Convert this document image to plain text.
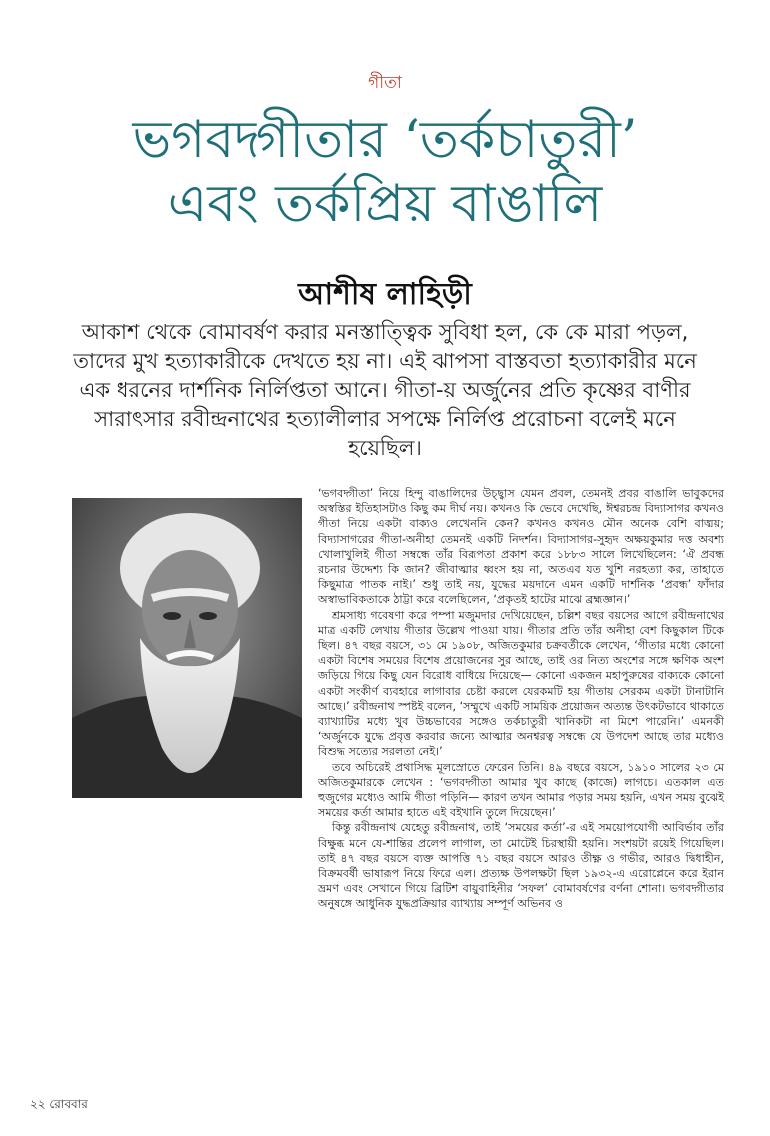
গীতা
ভগবদ্গীতার ‘তর্কচাতুরী’
এবং তর্কপ্রিয় বাঙালি
আশীষ লাহিড়ী

আকাশ থেকে বোমাবর্ষণ করার মনস্তাত্ত্বিক সুবিধা হল, কে কে মারা পড়ল, তাদের মুখ হত্যাকারীকে দেখতে হয় না। এই ঝাপসা বাস্তবতা হত্যাকারীর মনে এক ধরনের দার্শনিক নির্লিপ্ততা আনে। গীতা-য় অর্জুনের প্রতি কৃষ্ণের বাণীর সারাৎসার রবীন্দ্রনাথের হত্যালীলার সপক্ষে নির্লিপ্ত প্ররোচনা বলেই মনে হয়েছিল।

‘ভগবদ্গীতা’ নিয়ে হিন্দু বাঙালিদের উচ্ছ্বাস যেমন প্রবল, তেমনই প্রবর বাঙালি ভাবুকদের অস্বস্তির ইতিহাসটাও কিছু কম দীর্ঘ নয়। কখনও কি ভেবে দেখেছি, ঈশ্বরচন্দ্র বিদ্যাসাগর কখনও গীতা নিয়ে একটা বাক্যও লেখেননি কেন? কখনও কখনও মৌন অনেক বেশি বাঙ্ময়; বিদ্যাসাগরের গীতা-অনীহা তেমনই একটি নিদর্শন। বিদ্যাসাগর-সুহৃদ অক্ষয়কুমার দত্ত অবশ্য খোলাখুলিই গীতা সম্বন্ধে তাঁর বিরূপতা প্রকাশ করে ১৮৮৩ সালে লিখেছিলেন: ‘ঐ প্রবন্ধ রচনার উদ্দেশ্য কি জান? জীবাত্মার ধ্বংস হয় না, অতএব যত খুশি নরহত্যা কর, তাহাতে কিছুমাত্র পাতক নাই।’ শুধু তাই নয়, যুদ্ধের ময়দানে এমন একটি দার্শনিক ‘প্রবন্ধ’ ফাঁদার অস্বাভাবিকতাকে ঠাট্টা করে বলেছিলেন, ‘প্রকৃতই হাটের মাঝে ব্রহ্মজ্ঞান।’

শ্রমসাধ্য গবেষণা করে পম্পা মজুমদার দেখিয়েছেন, চল্লিশ বছর বয়সের আগে রবীন্দ্রনাথের মাত্র একটি লেখায় গীতার উল্লেখ পাওয়া যায়। গীতার প্রতি তাঁর অনীহা বেশ কিছুকাল টিকে ছিল। ৪৭ বছর বয়সে, ৩১ মে ১৯০৮, অজিতকুমার চক্রবর্তীকে লেখেন, ‘গীতার মধ্যে কোনো একটা বিশেষ সময়ের বিশেষ প্রয়োজনের সুর আছে, তাই ওর নিত্য অংশের সঙ্গে ক্ষণিক অংশ জড়িয়ে গিয়ে কিছু যেন বিরোধ বাধিয়ে দিয়েছে— কোনো একজন মহাপুরুষের বাক্যকে কোনো একটা সংকীর্ণ ব্যবহারে লাগাবার চেষ্টা করলে যেরকমটি হয় গীতায় সেরকম একটা টানাটানি আছে।’ রবীন্দ্রনাথ স্পষ্টই বলেন, ‘সম্মুখে একটি সাময়িক প্রয়োজন অত্যন্ত উৎকটভাবে থাকাতে ব্যাখ্যাটির মধ্যে খুব উচ্চভাবের সঙ্গেও তর্কচাতুরী খানিকটা না মিশে পারেনি।’ এমনকী ‘অর্জুনকে যুদ্ধে প্রবৃত্ত করবার জন্যে আত্মার অনশ্বরত্ব সম্বন্ধে যে উপদেশ আছে তার মধ্যেও বিশুদ্ধ সত্যের সরলতা নেই।’

তবে অচিরেই প্রথাসিদ্ধ মূলস্রোতে ফেরেন তিনি। ৪৯ বছরে বয়সে, ১৯১০ সালের ২৩ মে অজিতকুমারকে লেখেন : ‘ভগবদ্গীতা আমার খুব কাছে (কাজে) লাগচে। এতকাল এত হুজুগের মধ্যেও আমি গীতা পড়িনি— কারণ তখন আমার পড়ার সময় হয়নি, এখন সময় বুঝেই সময়ের কর্তা আমার হাতে এই বইখানি তুলে দিয়েছেন।’

কিন্তু রবীন্দ্রনাথ যেহেতু রবীন্দ্রনাথ, তাই ‘সময়ের কর্তা’-র এই সময়োপযোগী আবির্ভাব তাঁর বিক্ষুব্ধ মনে যে-শান্তির প্রলেপ লাগাল, তা মোটেই চিরস্থায়ী হয়নি। সংশয়টা রয়েই গিয়েছিল। তাই ৪৭ বছর বয়সে ব্যক্ত আপত্তি ৭১ বছর বয়সে আরও তীক্ষ্ণ ও গভীর, আরও দ্বিধাহীন, বিক্রমবর্ষী ভাষারূপ নিয়ে ফিরে এল। প্রত্যক্ষ উপলক্ষটা ছিল ১৯৩২-এ এরোপ্লেনে করে ইরান ভ্রমণ এবং সেখানে গিয়ে ব্রিটিশ বায়ুবাহিনীর ‘সফল’ বোমাবর্ষণের বর্ণনা শোনা। ভগবদ্গীতার অনুষঙ্গে আধুনিক যুদ্ধপ্রক্রিয়ার ব্যাখ্যায় সম্পূর্ণ অভিনব ও

২২ রোববার
